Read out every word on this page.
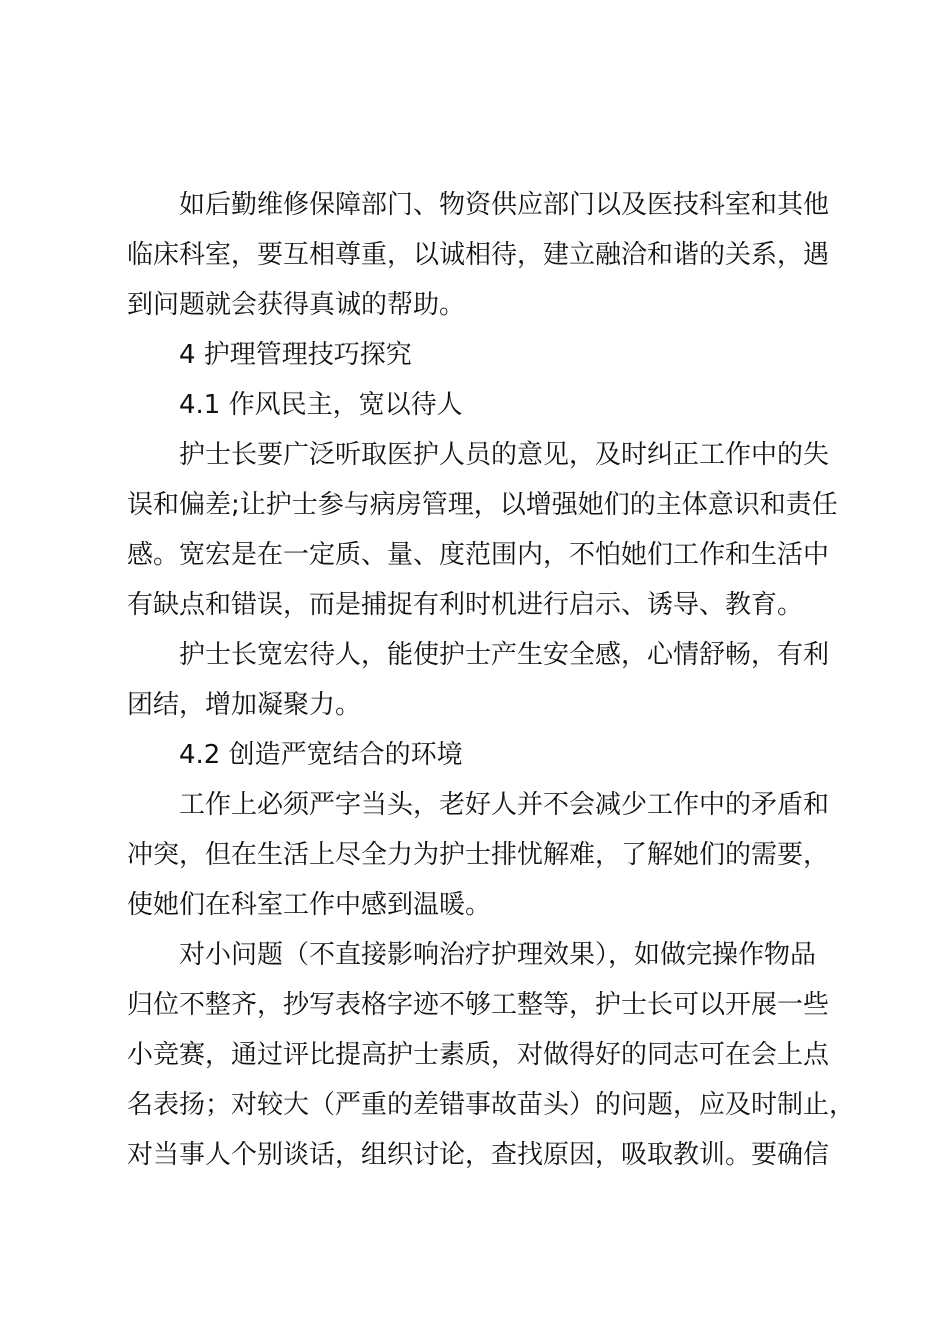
如后勤维修保障部门、物资供应部门以及医技科室和其他

临床科室，要互相尊重，以诚相待，建立融洽和谐的关系，遇

到问题就会获得真诚的帮助。

4 护理管理技巧探究

4.1 作风民主，宽以待人

护士长要广泛听取医护人员的意见，及时纠正工作中的失

误和偏差;让护士参与病房管理，以增强她们的主体意识和责任

感。宽宏是在一定质、量、度范围内，不怕她们工作和生活中

有缺点和错误，而是捕捉有利时机进行启示、诱导、教育。

护士长宽宏待人，能使护士产生安全感，心情舒畅，有利

团结，增加凝聚力。

4.2 创造严宽结合的环境

工作上必须严字当头，老好人并不会减少工作中的矛盾和

冲突，但在生活上尽全力为护士排忧解难，了解她们的需要，

使她们在科室工作中感到温暖。

对小问题（不直接影响治疗护理效果），如做完操作物品

归位不整齐，抄写表格字迹不够工整等，护士长可以开展一些

小竞赛，通过评比提高护士素质，对做得好的同志可在会上点

名表扬；对较大（严重的差错事故苗头）的问题，应及时制止，

对当事人个别谈话，组织讨论，查找原因，吸取教训。要确信
